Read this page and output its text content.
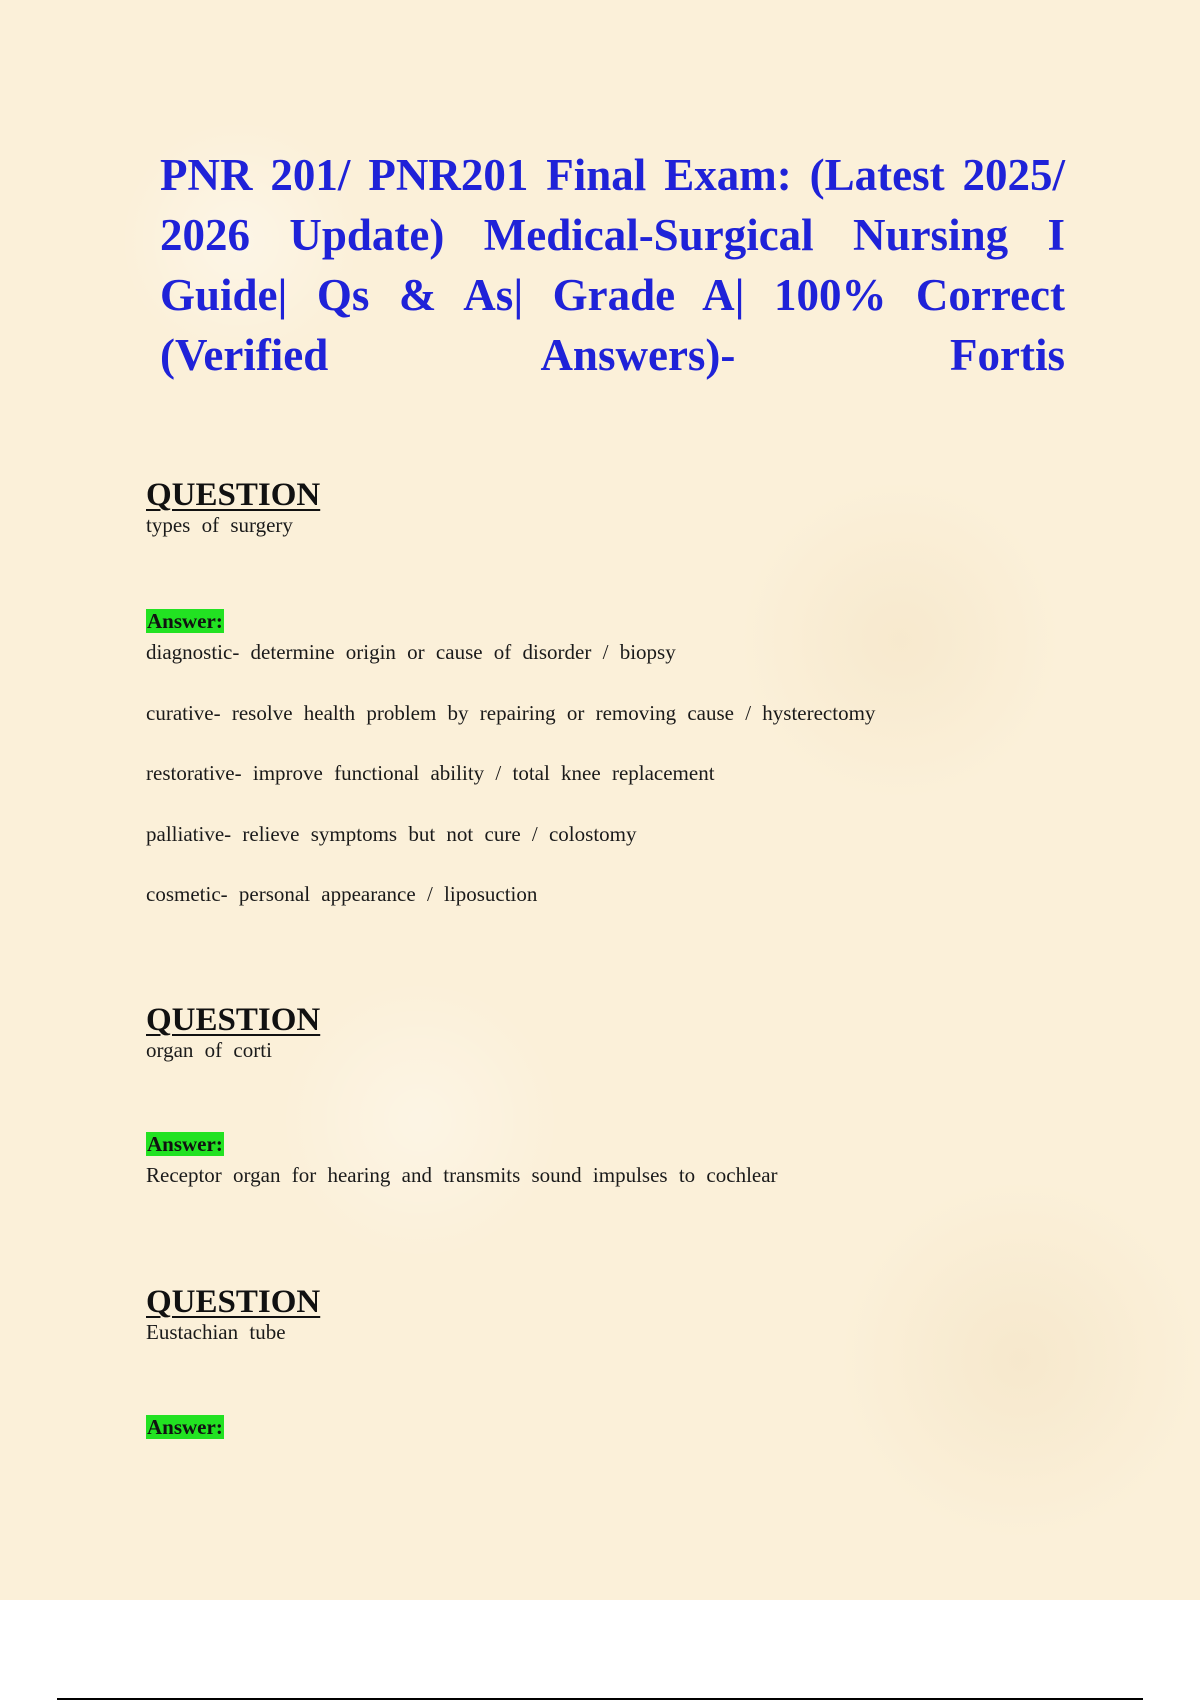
PNR 201/ PNR201 Final Exam: (Latest 2025/ 2026 Update) Medical-Surgical Nursing I Guide| Qs & As| Grade A| 100% Correct (Verified Answers)- Fortis
QUESTION

types of surgery

Answer:

diagnostic- determine origin or cause of disorder / biopsy

curative- resolve health problem by repairing or removing cause / hysterectomy

restorative- improve functional ability / total knee replacement

palliative- relieve symptoms but not cure / colostomy

cosmetic- personal appearance / liposuction

QUESTION

organ of corti

Answer:

Receptor organ for hearing and transmits sound impulses to cochlear

QUESTION

Eustachian tube

Answer:
